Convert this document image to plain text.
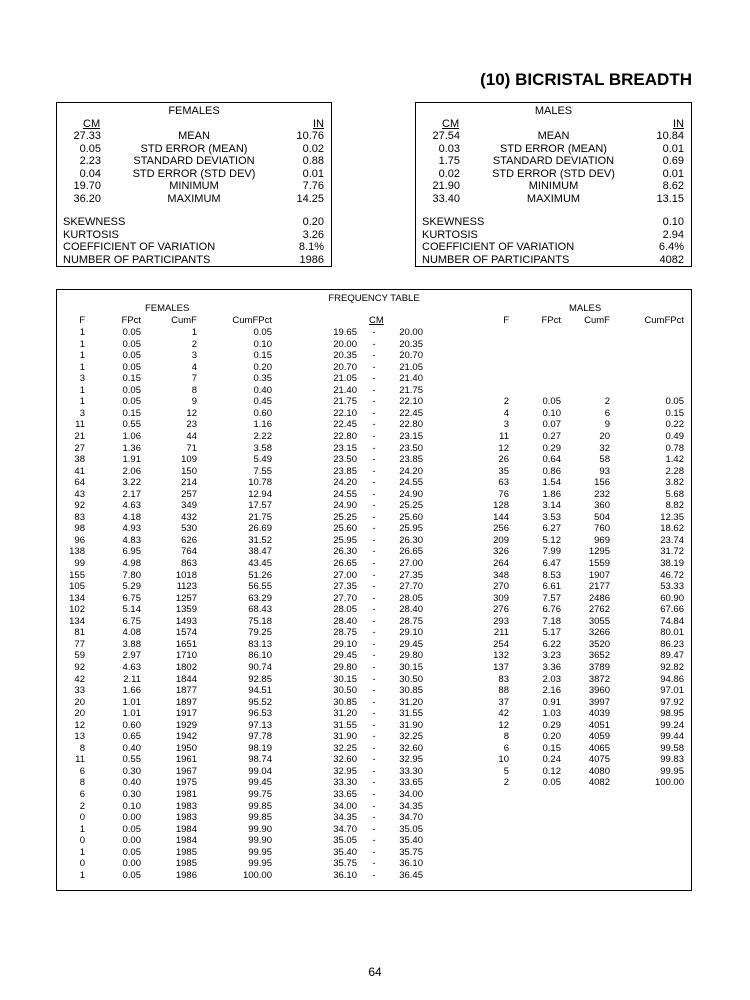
(10) BICRISTAL BREADTH
FEMALES
CM	IN
27.33	MEAN	10.76
0.05	STD ERROR (MEAN)	0.02
2.23	STANDARD DEVIATION	0.88
0.04	STD ERROR (STD DEV)	0.01
19.70	MINIMUM	7.76
36.20	MAXIMUM	14.25
SKEWNESS	0.20
KURTOSIS	3.26
COEFFICIENT OF VARIATION	8.1%
NUMBER OF PARTICIPANTS	1986
MALES
CM	IN
27.54	MEAN	10.84
0.03	STD ERROR (MEAN)	0.01
1.75	STANDARD DEVIATION	0.69
0.02	STD ERROR (STD DEV)	0.01
21.90	MINIMUM	8.62
33.40	MAXIMUM	13.15
SKEWNESS	0.10
KURTOSIS	2.94
COEFFICIENT OF VARIATION	6.4%
NUMBER OF PARTICIPANTS	4082
FREQUENCY TABLE
FEMALES	MALES
F	FPct	CumF	CumFPct	CM	F	FPct	CumF	CumFPct
1	0.05	1	0.05	19.65	-	20.00
1	0.05	2	0.10	20.00	-	20.35
1	0.05	3	0.15	20.35	-	20.70
1	0.05	4	0.20	20.70	-	21.05
3	0.15	7	0.35	21.05	-	21.40
1	0.05	8	0.40	21.40	-	21.75
1	0.05	9	0.45	21.75	-	22.10	2	0.05	2	0.05
3	0.15	12	0.60	22.10	-	22.45	4	0.10	6	0.15
11	0.55	23	1.16	22.45	-	22.80	3	0.07	9	0.22
21	1.06	44	2.22	22.80	-	23.15	11	0.27	20	0.49
27	1.36	71	3.58	23.15	-	23.50	12	0.29	32	0.78
38	1.91	109	5.49	23.50	-	23.85	26	0.64	58	1.42
41	2.06	150	7.55	23.85	-	24.20	35	0.86	93	2.28
64	3.22	214	10.78	24.20	-	24.55	63	1.54	156	3.82
43	2.17	257	12.94	24.55	-	24.90	76	1.86	232	5.68
92	4.63	349	17.57	24.90	-	25.25	128	3.14	360	8.82
83	4.18	432	21.75	25.25	-	25.60	144	3.53	504	12.35
98	4.93	530	26.69	25.60	-	25.95	256	6.27	760	18.62
96	4.83	626	31.52	25.95	-	26.30	209	5.12	969	23.74
138	6.95	764	38.47	26.30	-	26.65	326	7.99	1295	31.72
99	4.98	863	43.45	26.65	-	27.00	264	6.47	1559	38.19
155	7.80	1018	51.26	27.00	-	27.35	348	8.53	1907	46.72
105	5.29	1123	56.55	27.35	-	27.70	270	6.61	2177	53.33
134	6.75	1257	63.29	27.70	-	28.05	309	7.57	2486	60.90
102	5.14	1359	68.43	28.05	-	28.40	276	6.76	2762	67.66
134	6.75	1493	75.18	28.40	-	28.75	293	7.18	3055	74.84
81	4.08	1574	79.25	28.75	-	29.10	211	5.17	3266	80.01
77	3.88	1651	83.13	29.10	-	29.45	254	6.22	3520	86.23
59	2.97	1710	86.10	29.45	-	29.80	132	3.23	3652	89.47
92	4.63	1802	90.74	29.80	-	30.15	137	3.36	3789	92.82
42	2.11	1844	92.85	30.15	-	30.50	83	2.03	3872	94.86
33	1.66	1877	94.51	30.50	-	30.85	88	2.16	3960	97.01
20	1.01	1897	95.52	30.85	-	31.20	37	0.91	3997	97.92
20	1.01	1917	96.53	31.20	-	31.55	42	1.03	4039	98.95
12	0.60	1929	97.13	31.55	-	31.90	12	0.29	4051	99.24
13	0.65	1942	97.78	31.90	-	32.25	8	0.20	4059	99.44
8	0.40	1950	98.19	32.25	-	32.60	6	0.15	4065	99.58
11	0.55	1961	98.74	32.60	-	32.95	10	0.24	4075	99.83
6	0.30	1967	99.04	32.95	-	33.30	5	0.12	4080	99.95
8	0.40	1975	99.45	33.30	-	33.65	2	0.05	4082	100.00
6	0.30	1981	99.75	33.65	-	34.00
2	0.10	1983	99.85	34.00	-	34.35
0	0.00	1983	99.85	34.35	-	34.70
1	0.05	1984	99.90	34.70	-	35.05
0	0.00	1984	99.90	35.05	-	35.40
1	0.05	1985	99.95	35.40	-	35.75
0	0.00	1985	99.95	35.75	-	36.10
1	0.05	1986	100.00	36.10	-	36.45
64
